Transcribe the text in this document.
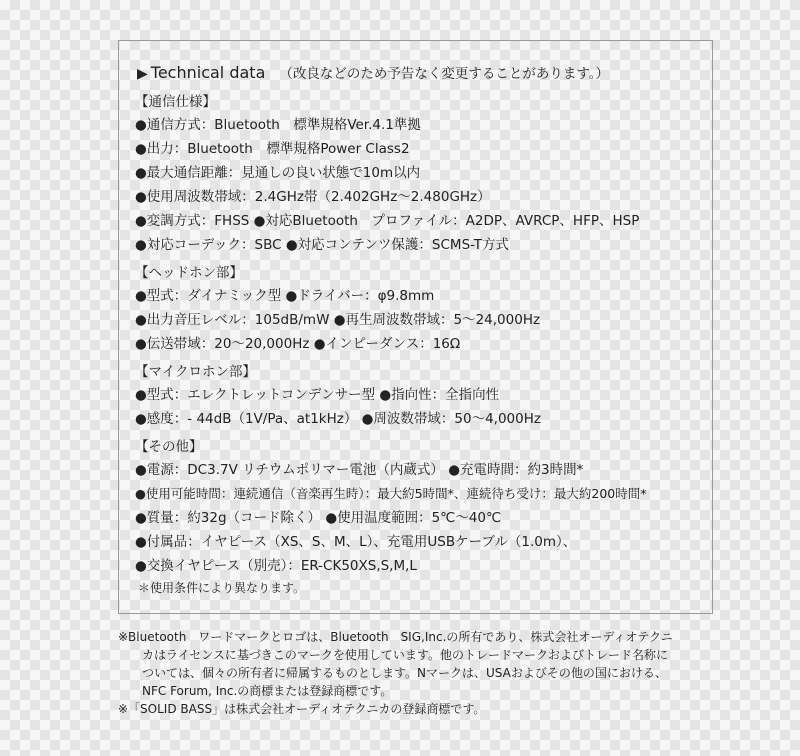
▶ Technical data （改良などのため予告なく変更することがあります。）
【通信仕様】
●通信方式：Bluetooth　標準規格Ver.4.1準拠
●出力：Bluetooth　標準規格Power Class2
●最大通信距離：見通しの良い状態で10m以内
●使用周波数帯域：2.4GHz帯（2.402GHz〜2.480GHz）
●変調方式：FHSS ●対応Bluetooth　プロファイル：A2DP、AVRCP、HFP、HSP
●対応コーデック：SBC ●対応コンテンツ保護：SCMS-T方式
【ヘッドホン部】
●型式：ダイナミック型 ●ドライバー：φ9.8mm
●出力音圧レベル：105dB/mW ●再生周波数帯域：5〜24,000Hz
●伝送帯域：20〜20,000Hz ●インピーダンス：16Ω
【マイクロホン部】
●型式：エレクトレットコンデンサー型 ●指向性：全指向性
●感度：- 44dB（1V/Pa、at1kHz） ●周波数帯域：50〜4,000Hz
【その他】
●電源：DC3.7V リチウムポリマー電池（内蔵式） ●充電時間：約3時間*
●使用可能時間：連続通信（音楽再生時）：最大約5時間*、連続待ち受け：最大約200時間*
●質量：約32g（コード除く） ●使用温度範囲：5℃〜40℃
●付属品：イヤピース（XS、S、M、L）、充電用USBケーブル（1.0m）、
●交換イヤピース（別売）：ER-CK50XS,S,M,L
＊使用条件により異なります。
※Bluetooth　ワードマークとロゴは、Bluetooth　SIG,Inc.の所有であり、株式会社オーディオテクニ
カはライセンスに基づきこのマークを使用しています。他のトレードマークおよびトレード名称に
ついては、個々の所有者に帰属するものとします。Nマークは、USAおよびその他の国における、
NFC Forum, Inc.の商標または登録商標です。
※「SOLID BASS」は株式会社オーディオテクニカの登録商標です。
